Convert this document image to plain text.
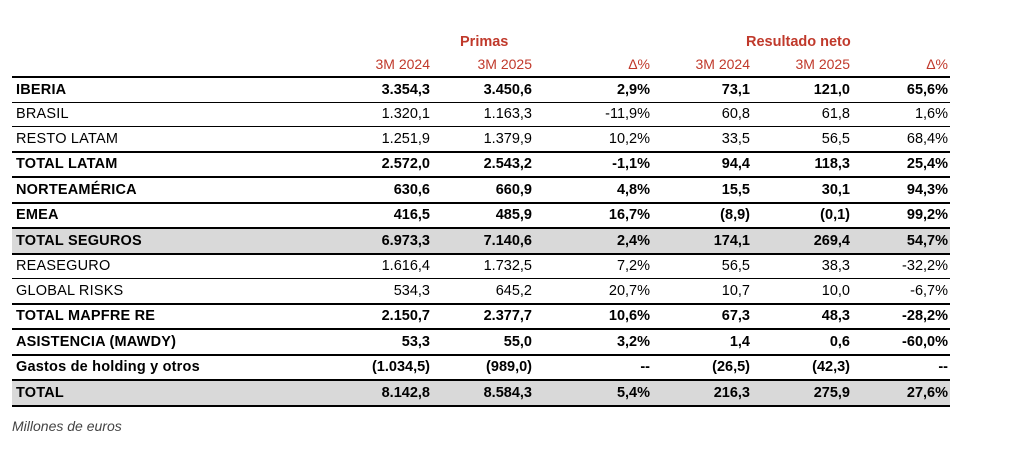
Primas	Resultado neto
	3M 2024	3M 2025	Δ%	3M 2024	3M 2025	Δ%
IBERIA	3.354,3	3.450,6	2,9%	73,1	121,0	65,6%
BRASIL	1.320,1	1.163,3	-11,9%	60,8	61,8	1,6%
RESTO LATAM	1.251,9	1.379,9	10,2%	33,5	56,5	68,4%
TOTAL LATAM	2.572,0	2.543,2	-1,1%	94,4	118,3	25,4%
NORTEAMÉRICA	630,6	660,9	4,8%	15,5	30,1	94,3%
EMEA	416,5	485,9	16,7%	(8,9)	(0,1)	99,2%
TOTAL SEGUROS	6.973,3	7.140,6	2,4%	174,1	269,4	54,7%
REASEGURO	1.616,4	1.732,5	7,2%	56,5	38,3	-32,2%
GLOBAL RISKS	534,3	645,2	20,7%	10,7	10,0	-6,7%
TOTAL MAPFRE RE	2.150,7	2.377,7	10,6%	67,3	48,3	-28,2%
ASISTENCIA (MAWDY)	53,3	55,0	3,2%	1,4	0,6	-60,0%
Gastos de holding y otros	(1.034,5)	(989,0)	--	(26,5)	(42,3)	--
TOTAL	8.142,8	8.584,3	5,4%	216,3	275,9	27,6%
Millones de euros
